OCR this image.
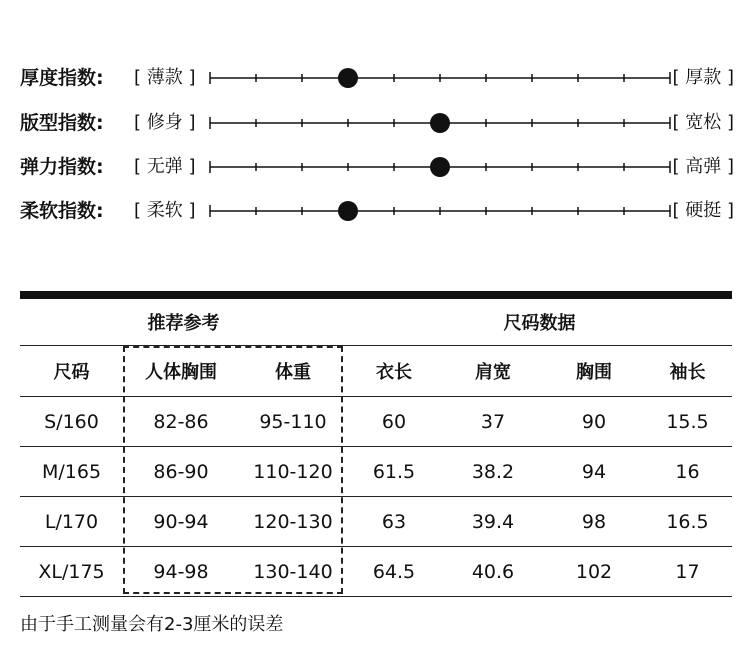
厚度指数: [ 薄款 ]	[ 厚款 ]
版型指数: [ 修身 ]	[ 宽松 ]
弹力指数: [ 无弹 ]	[ 高弹 ]
柔软指数: [ 柔软 ]	[ 硬挺 ]
推荐参考			尺码数据			
尺码	人体胸围	体重	衣长	肩宽	胸围	袖长
S/160	82-86	95-110	60	37	90	15.5
M/165	86-90	110-120	61.5	38.2	94	16
L/170	90-94	120-130	63	39.4	98	16.5
XL/175	94-98	130-140	64.5	40.6	102	17
由于手工测量会有2-3厘米的误差
